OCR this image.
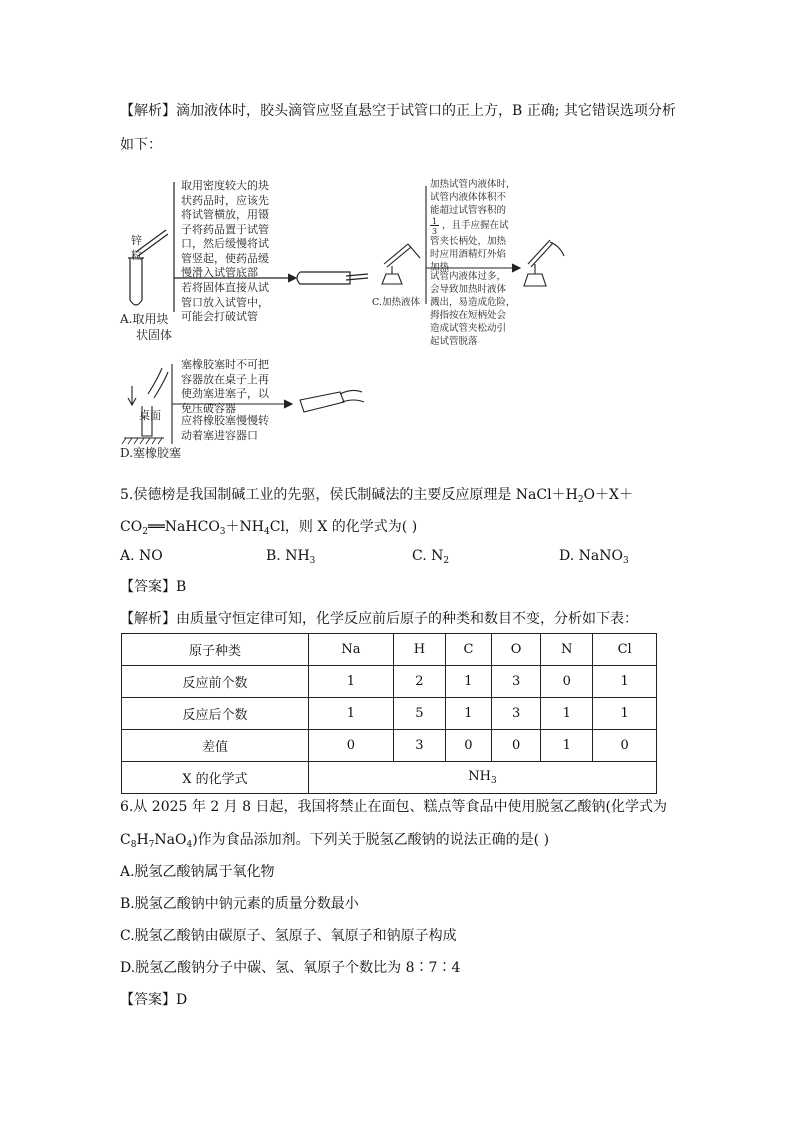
【解析】滴加液体时，胶头滴管应竖直悬空于试管口的正上方，B 正确; 其它错误选项分析
如下：
锌
粒
取用密度较大的块
状药品时，应该先
将试管横放，用镊
子将药品置于试管
口，然后缓慢将试
管竖起，使药品缓
慢滑入试管底部
若将固体直接从试
管口放入试管中，
可能会打破试管
A.取用块
状固体
加热试管内液体时，
试管内液体体积不
能超过试管容积的
1
3
，且手应握在试
管夹长柄处，加热
时应用酒精灯外焰
加热
试管内液体过多，
会导致加热时液体
溅出，易造成危险，
拇指按在短柄处会
造成试管夹松动引
起试管脱落
C.加热液体
桌面
塞橡胶塞时不可把
容器放在桌子上再
使劲塞进塞子，以
免压破容器
应将橡胶塞慢慢转
动着塞进容器口
D.塞橡胶塞
5.侯德榜是我国制碱工业的先驱，侯氏制碱法的主要反应原理是 $NaCl+H_2O+X+$
$CO_2══NaHCO_3+NH_4Cl$，则 X 的化学式为( )
A. NO	B. $NH_3$	C. $N_2$	D. NaNO$_3$
【答案】B
【解析】由质量守恒定律可知，化学反应前后原子的种类和数目不变，分析如下表：
原子种类	Na	H	C	O	N	Cl
反应前个数	1	2	1	3	0	1
反应后个数	1	5	1	3	1	1
差值	0	3	0	0	1	0
X 的化学式	$NH_3$
6.从 2025 年 2 月 8 日起，我国将禁止在面包、糕点等食品中使用脱氢乙酸钠(化学式为
$C_8H_7NaO_4$)作为食品添加剂。下列关于脱氢乙酸钠的说法正确的是( )
A.脱氢乙酸钠属于氧化物
B.脱氢乙酸钠中钠元素的质量分数最小
C.脱氢乙酸钠由碳原子、氢原子、氧原子和钠原子构成
D.脱氢乙酸钠分子中碳、氢、氧原子个数比为 8∶7∶4
【答案】D
